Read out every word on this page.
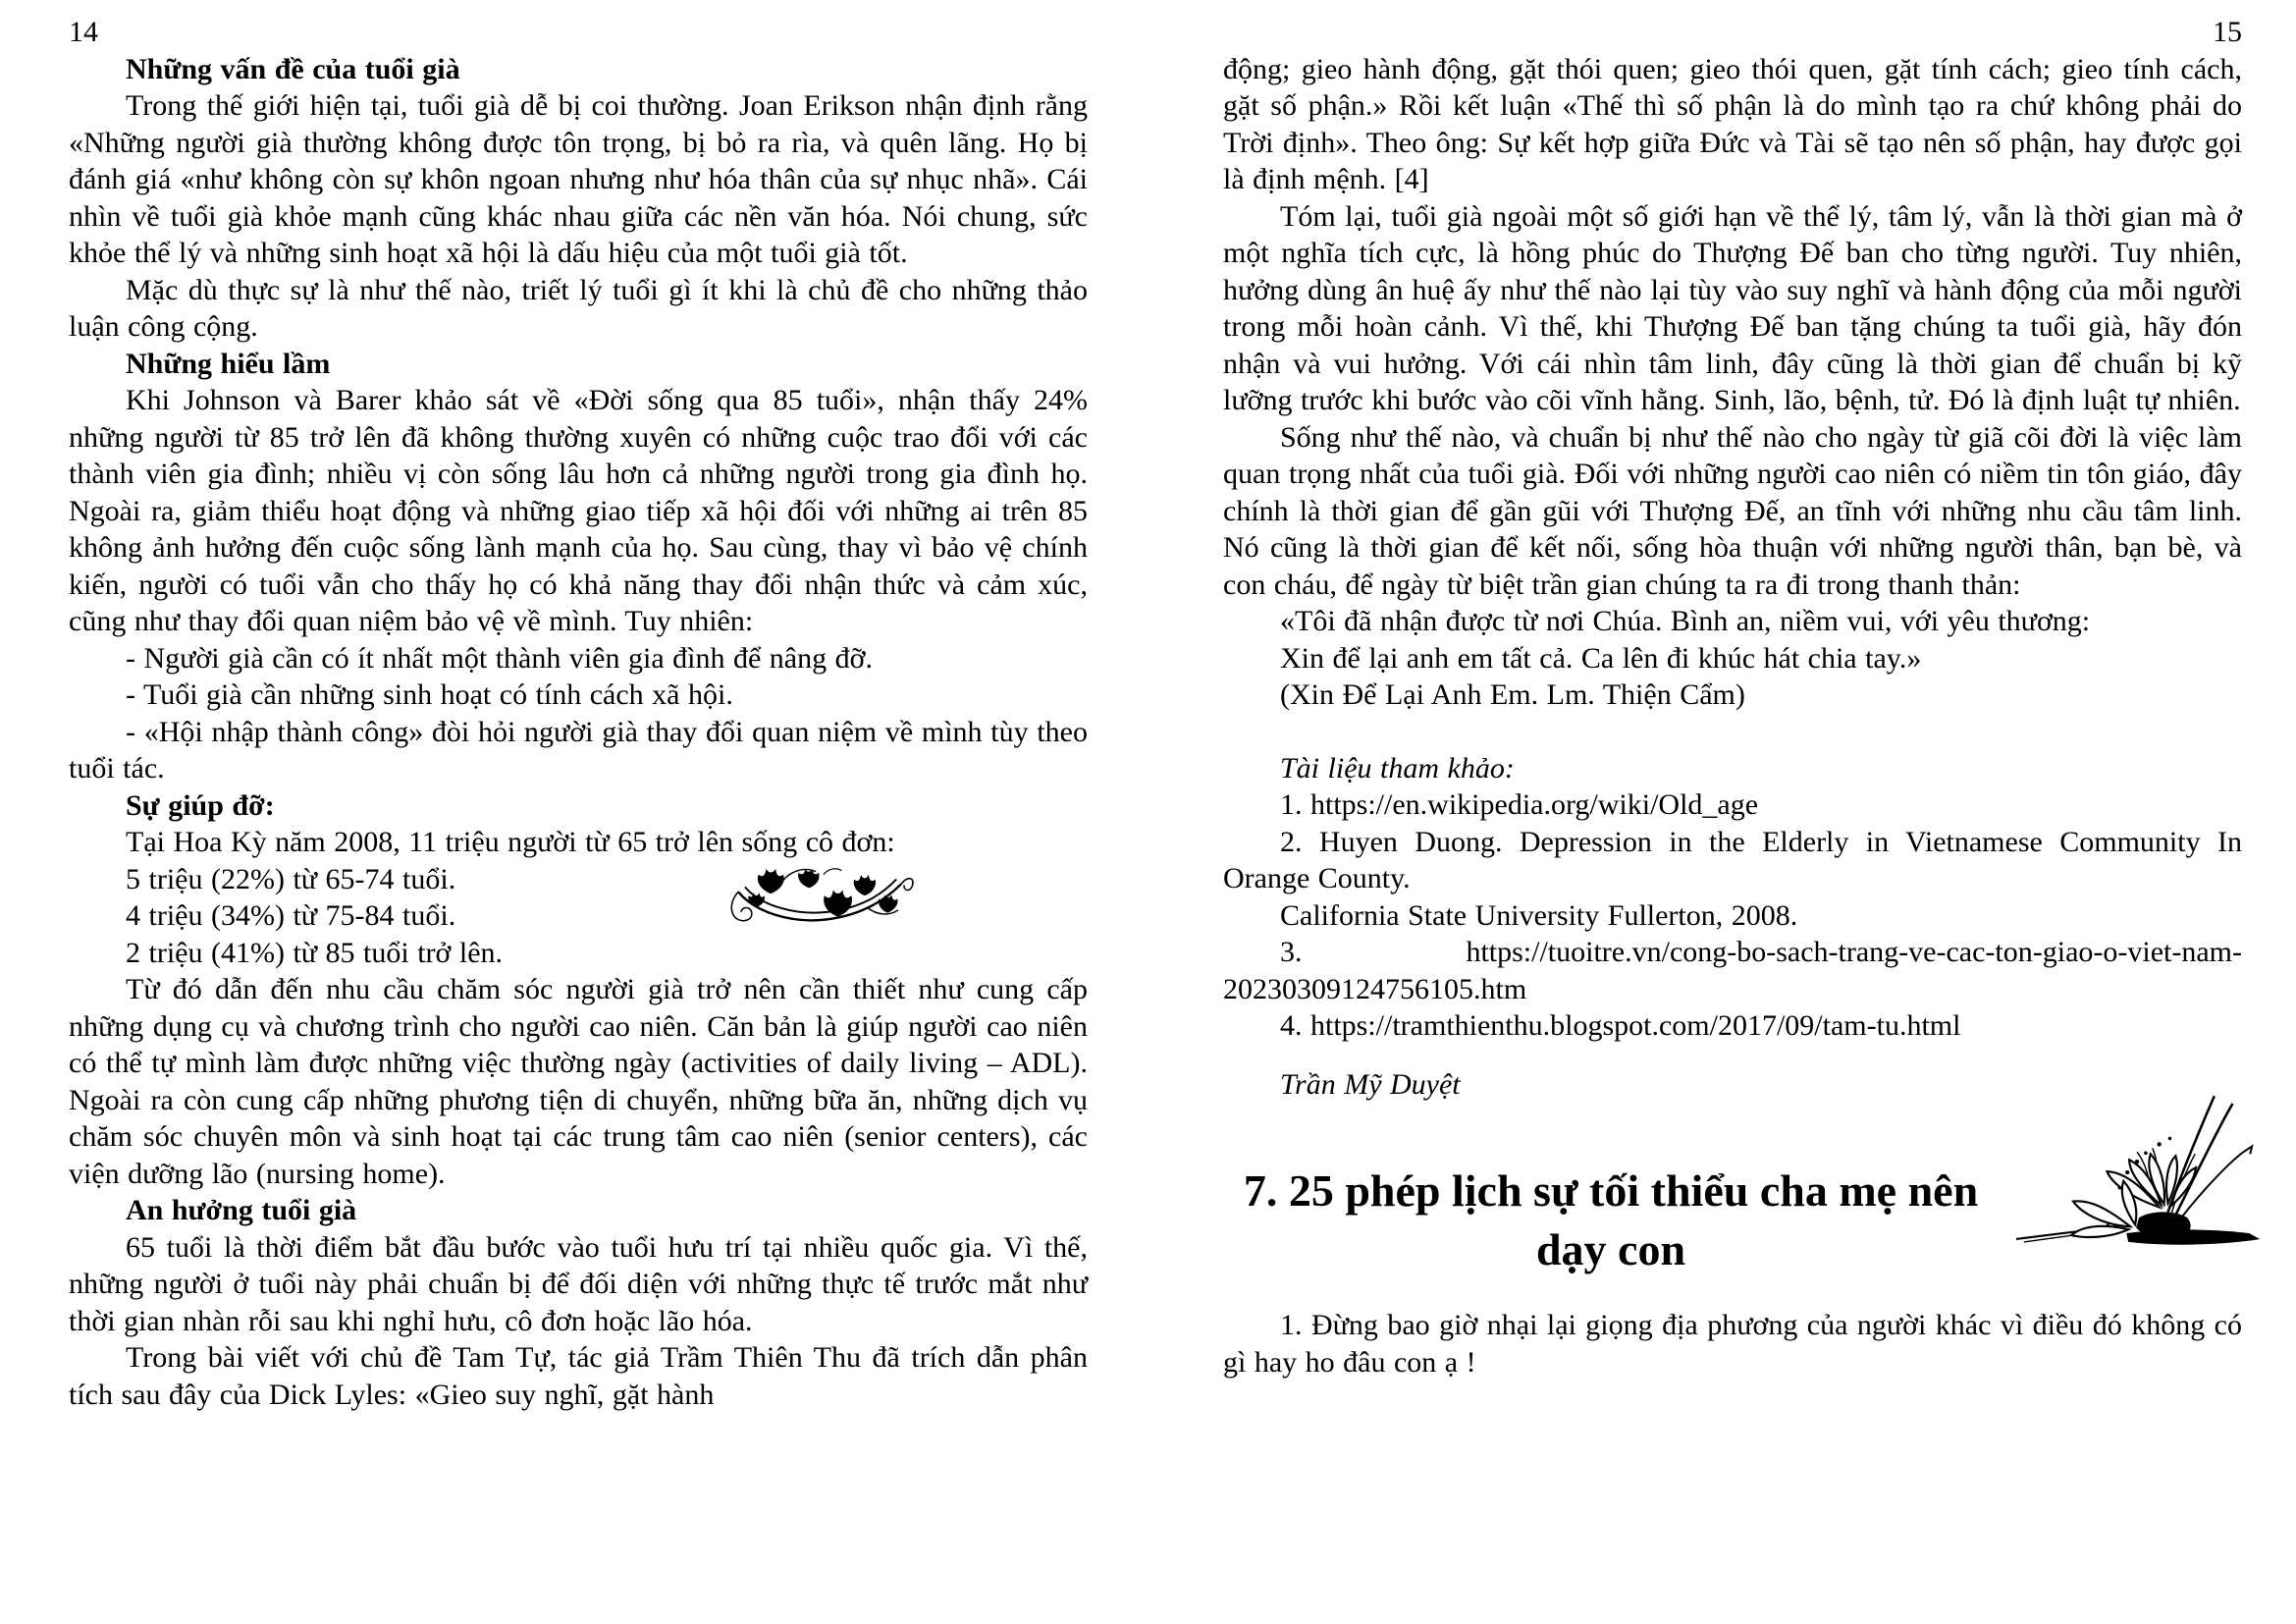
14

Những vấn đề của tuổi già

Trong thế giới hiện tại, tuổi già dễ bị coi thường. Joan Erikson nhận định rằng «Những người già thường không được tôn trọng, bị bỏ ra rìa, và quên lãng. Họ bị đánh giá «như không còn sự khôn ngoan nhưng như hóa thân của sự nhục nhã». Cái nhìn về tuổi già khỏe mạnh cũng khác nhau giữa các nền văn hóa. Nói chung, sức khỏe thể lý và những sinh hoạt xã hội là dấu hiệu của một tuổi già tốt.

Mặc dù thực sự là như thế nào, triết lý tuổi gì ít khi là chủ đề cho những thảo luận công cộng.

Những hiểu lầm

Khi Johnson và Barer khảo sát về «Đời sống qua 85 tuổi», nhận thấy 24% những người từ 85 trở lên đã không thường xuyên có những cuộc trao đổi với các thành viên gia đình; nhiều vị còn sống lâu hơn cả những người trong gia đình họ. Ngoài ra, giảm thiểu hoạt động và những giao tiếp xã hội đối với những ai trên 85 không ảnh hưởng đến cuộc sống lành mạnh của họ. Sau cùng, thay vì bảo vệ chính kiến, người có tuổi vẫn cho thấy họ có khả năng thay đổi nhận thức và cảm xúc, cũng như thay đổi quan niệm bảo vệ về mình. Tuy nhiên:

- Người già cần có ít nhất một thành viên gia đình để nâng đỡ.

- Tuổi già cần những sinh hoạt có tính cách xã hội.

- «Hội nhập thành công» đòi hỏi người già thay đổi quan niệm về mình tùy theo tuổi tác.

Sự giúp đỡ:

Tại Hoa Kỳ năm 2008, 11 triệu người từ 65 trở lên sống cô đơn:

5 triệu (22%) từ 65-74 tuổi.

4 triệu (34%) từ 75-84 tuổi.

2 triệu (41%) từ 85 tuổi trở lên.

Từ đó dẫn đến nhu cầu chăm sóc người già trở nên cần thiết như cung cấp những dụng cụ và chương trình cho người cao niên. Căn bản là giúp người cao niên có thể tự mình làm được những việc thường ngày (activities of daily living – ADL). Ngoài ra còn cung cấp những phương tiện di chuyển, những bữa ăn, những dịch vụ chăm sóc chuyên môn và sinh hoạt tại các trung tâm cao niên (senior centers), các viện dưỡng lão (nursing home).

An hưởng tuổi già

65 tuổi là thời điểm bắt đầu bước vào tuổi hưu trí tại nhiều quốc gia. Vì thế, những người ở tuổi này phải chuẩn bị để đối diện với những thực tế trước mắt như thời gian nhàn rỗi sau khi nghỉ hưu, cô đơn hoặc lão hóa.

Trong bài viết với chủ đề Tam Tự, tác giả Trầm Thiên Thu đã trích dẫn phân tích sau đây của Dick Lyles: «Gieo suy nghĩ, gặt hành

15

động; gieo hành động, gặt thói quen; gieo thói quen, gặt tính cách; gieo tính cách, gặt số phận.» Rồi kết luận «Thế thì số phận là do mình tạo ra chứ không phải do Trời định». Theo ông: Sự kết hợp giữa Đức và Tài sẽ tạo nên số phận, hay được gọi là định mệnh. [4]

Tóm lại, tuổi già ngoài một số giới hạn về thể lý, tâm lý, vẫn là thời gian mà ở một nghĩa tích cực, là hồng phúc do Thượng Đế ban cho từng người. Tuy nhiên, hưởng dùng ân huệ ấy như thế nào lại tùy vào suy nghĩ và hành động của mỗi người trong mỗi hoàn cảnh. Vì thế, khi Thượng Đế ban tặng chúng ta tuổi già, hãy đón nhận và vui hưởng. Với cái nhìn tâm linh, đây cũng là thời gian để chuẩn bị kỹ lưỡng trước khi bước vào cõi vĩnh hằng. Sinh, lão, bệnh, tử. Đó là định luật tự nhiên.

Sống như thế nào, và chuẩn bị như thế nào cho ngày từ giã cõi đời là việc làm quan trọng nhất của tuổi già. Đối với những người cao niên có niềm tin tôn giáo, đây chính là thời gian để gần gũi với Thượng Đế, an tĩnh với những nhu cầu tâm linh. Nó cũng là thời gian để kết nối, sống hòa thuận với những người thân, bạn bè, và con cháu, để ngày từ biệt trần gian chúng ta ra đi trong thanh thản:

«Tôi đã nhận được từ nơi Chúa. Bình an, niềm vui, với yêu thương:

Xin để lại anh em tất cả. Ca lên đi khúc hát chia tay.»

(Xin Để Lại Anh Em. Lm. Thiện Cẩm)

Tài liệu tham khảo:

1. https://en.wikipedia.org/wiki/Old_age

2. Huyen Duong. Depression in the Elderly in Vietnamese Community In Orange County.

California State University Fullerton, 2008.

3. https://tuoitre.vn/cong-bo-sach-trang-ve-cac-ton-giao-o-viet-nam-20230309124756105.htm

4. https://tramthienthu.blogspot.com/2017/09/tam-tu.html

Trần Mỹ Duyệt

7. 25 phép lịch sự tối thiểu cha mẹ nên dạy con

1. Đừng bao giờ nhại lại giọng địa phương của người khác vì điều đó không có gì hay ho đâu con ạ !
